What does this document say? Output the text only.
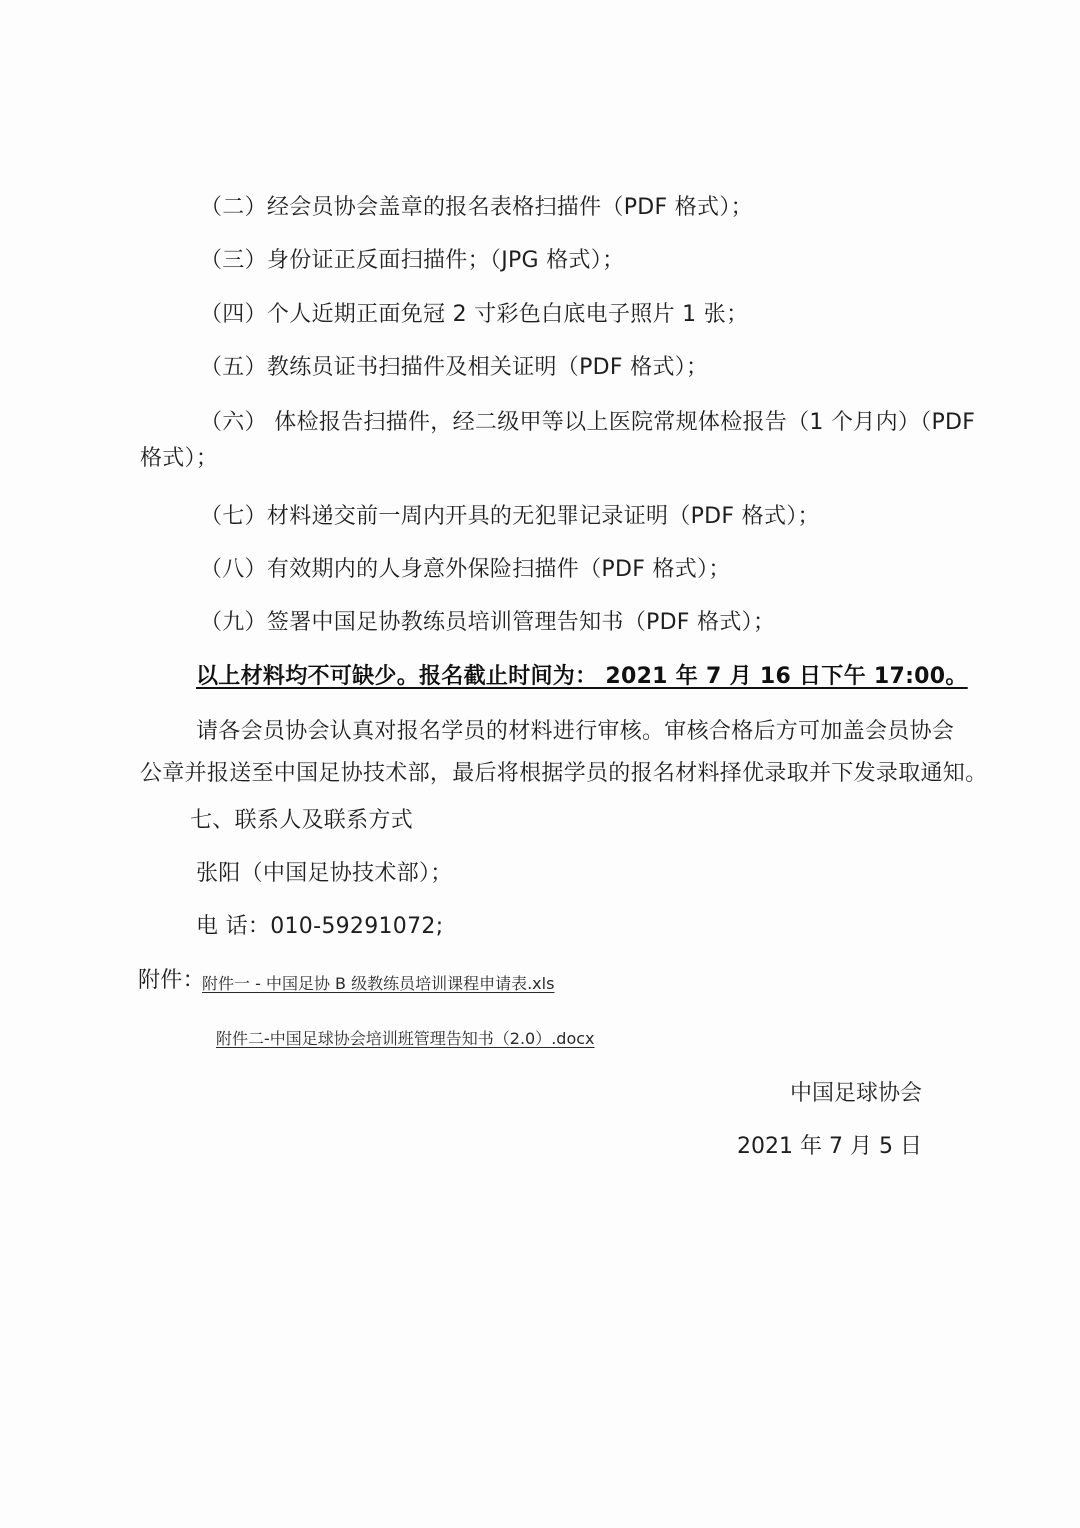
（二）经会员协会盖章的报名表格扫描件（PDF 格式）；
（三）身份证正反面扫描件；（JPG 格式）；
（四）个人近期正面免冠 2 寸彩色白底电子照片 1 张；
（五）教练员证书扫描件及相关证明（PDF 格式）；
（六） 体检报告扫描件，经二级甲等以上医院常规体检报告（1 个月内）（PDF
格式）；
（七）材料递交前一周内开具的无犯罪记录证明（PDF 格式）；
（八）有效期内的人身意外保险扫描件（PDF 格式）；
（九）签署中国足协教练员培训管理告知书（PDF 格式）；
以上材料均不可缺少。报名截止时间为： 2021 年 7 月 16 日下午 17:00。
请各会员协会认真对报名学员的材料进行审核。审核合格后方可加盖会员协会
公章并报送至中国足协技术部，最后将根据学员的报名材料择优录取并下发录取通知。
七、联系人及联系方式
张阳（中国足协技术部）；
电 话：010-59291072;
附件：
附件一 - 中国足协 B 级教练员培训课程申请表.xls
附件二-中国足球协会培训班管理告知书（2.0）.docx
中国足球协会
2021 年 7 月 5 日
